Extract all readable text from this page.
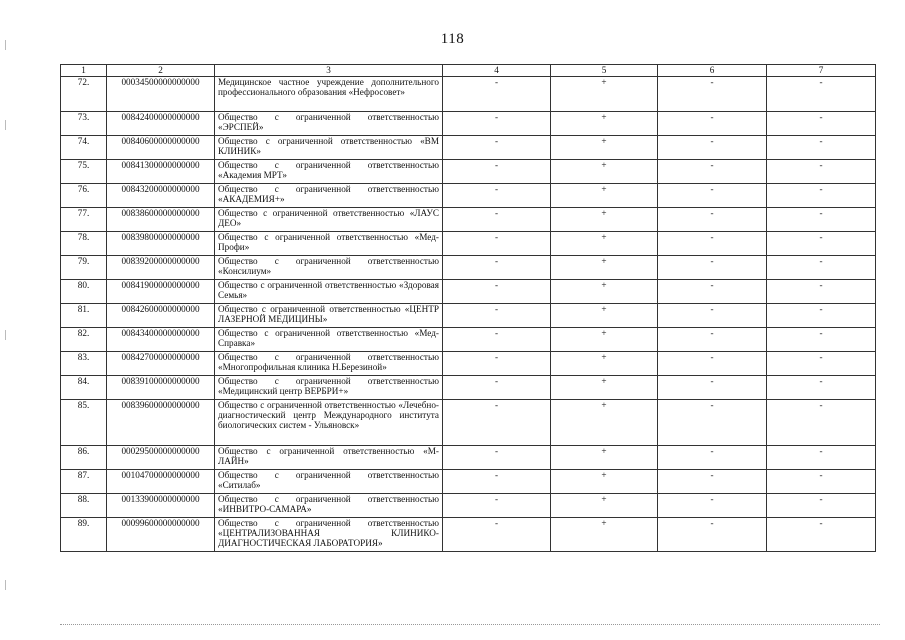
118
1	2	3	4	5	6	7
72.	00034500000000000	Медицинское частное учреждение дополнительного профессионального образования «Нефросовет»	-	+	-	-
73.	00842400000000000	Общество с ограниченной ответственностью «ЭРСПЕЙ»	-	+	-	-
74.	00840600000000000	Общество с ограниченной ответственностью «ВМ КЛИНИК»	-	+	-	-
75.	00841300000000000	Общество с ограниченной ответственностью «Академия МРТ»	-	+	-	-
76.	00843200000000000	Общество с ограниченной ответственностью «АКАДЕМИЯ+»	-	+	-	-
77.	00838600000000000	Общество с ограниченной ответственностью «ЛАУС ДЕО»	-	+	-	-
78.	00839800000000000	Общество с ограниченной ответственностью «Мед-Профи»	-	+	-	-
79.	00839200000000000	Общество с ограниченной ответственностью «Консилиум»	-	+	-	-
80.	00841900000000000	Общество с ограниченной ответственностью «Здоровая Семья»	-	+	-	-
81.	00842600000000000	Общество с ограниченной ответственностью «ЦЕНТР ЛАЗЕРНОЙ МЕДИЦИНЫ»	-	+	-	-
82.	00843400000000000	Общество с ограниченной ответственностью «Мед-Справка»	-	+	-	-
83.	00842700000000000	Общество с ограниченной ответственностью «Многопрофильная клиника Н.Березиной»	-	+	-	-
84.	00839100000000000	Общество с ограниченной ответственностью «Медицинский центр ВЕРБРИ+»	-	+	-	-
85.	00839600000000000	Общество с ограниченной ответственностью «Лечебно-диагностический центр Международного института биологических систем - Ульяновск»	-	+	-	-
86.	00029500000000000	Общество с ограниченной ответственностью «М-ЛАЙН»	-	+	-	-
87.	00104700000000000	Общество с ограниченной ответственностью «Ситилаб»	-	+	-	-
88.	00133900000000000	Общество с ограниченной ответственностью «ИНВИТРО-САМАРА»	-	+	-	-
89.	00099600000000000	Общество с ограниченной ответственностью «ЦЕНТРАЛИЗОВАННАЯ КЛИНИКО-ДИАГНОСТИЧЕСКАЯ ЛАБОРАТОРИЯ»	-	+	-	-
